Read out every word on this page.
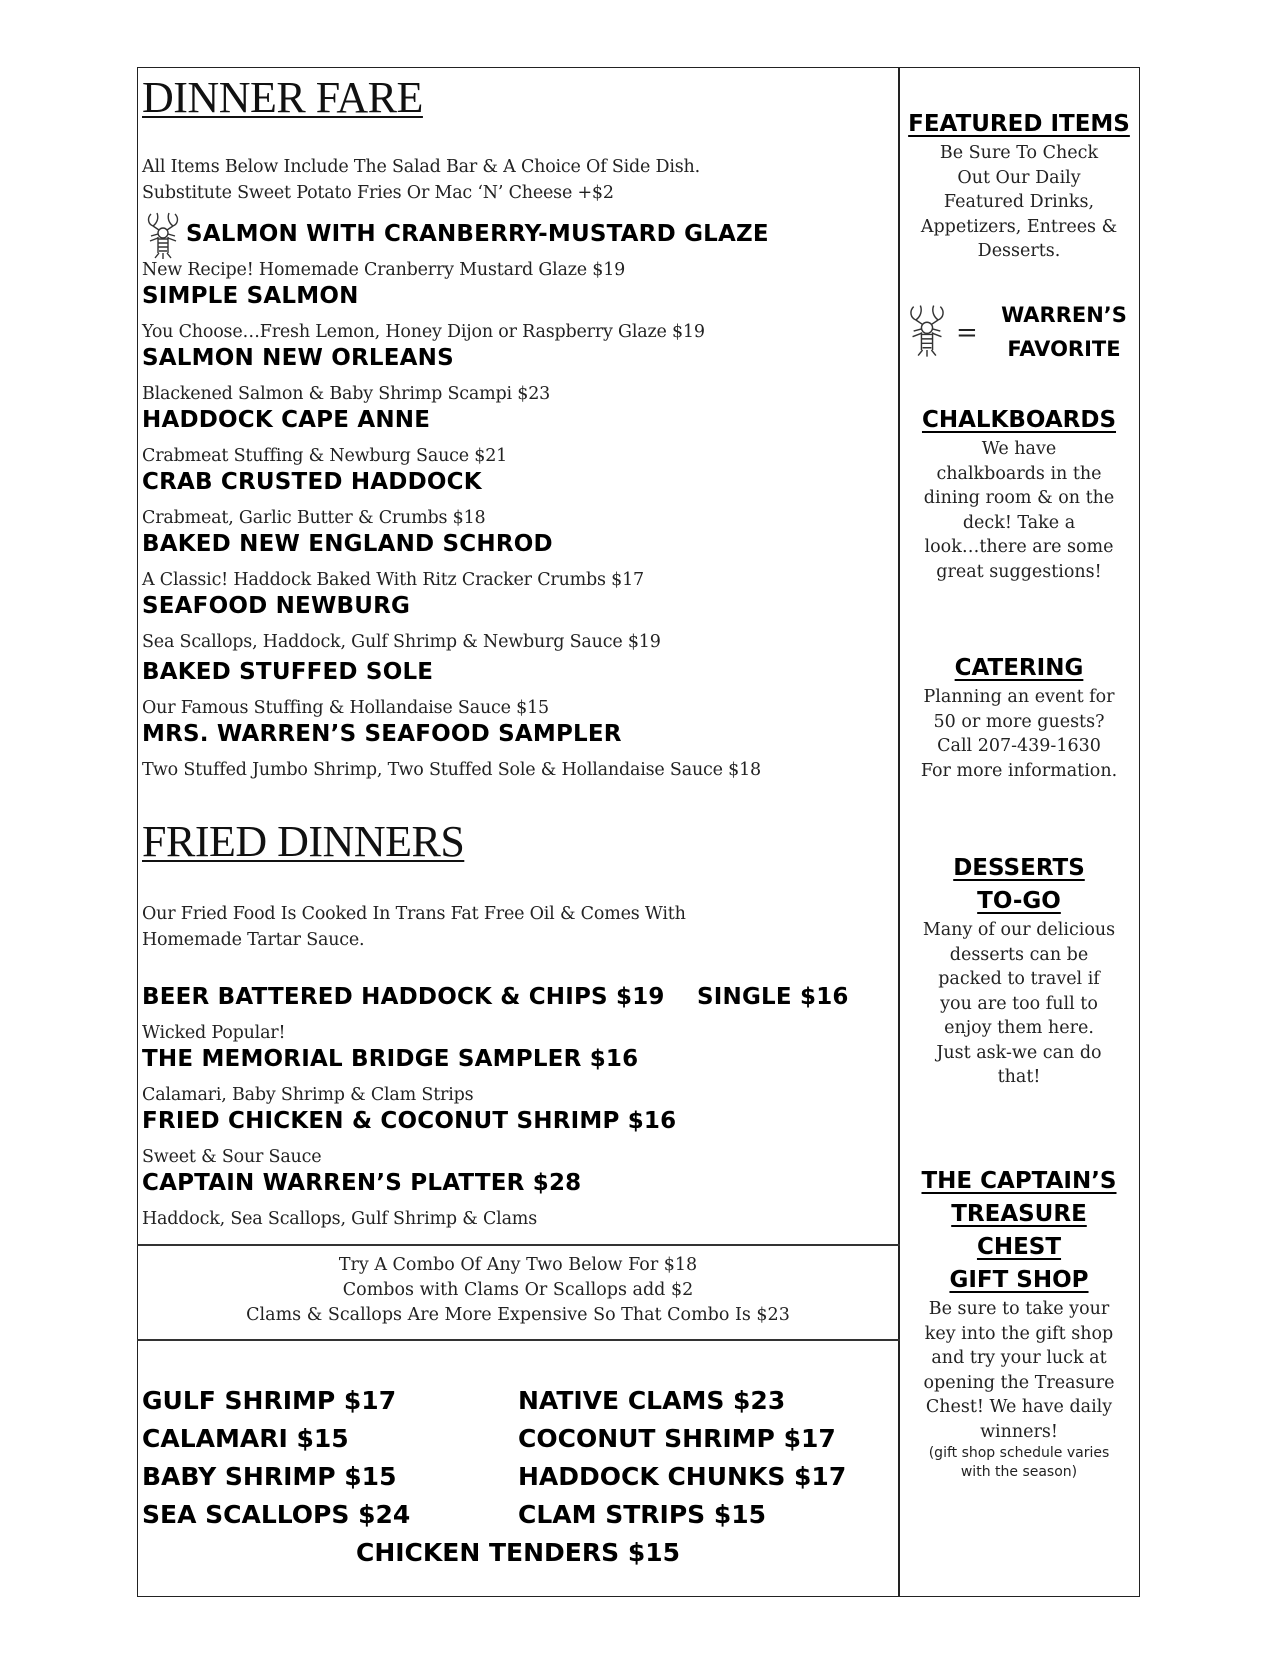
DINNER FARE
All Items Below Include The Salad Bar & A Choice Of Side Dish.
Substitute Sweet Potato Fries Or Mac ‘N’ Cheese +$2
SALMON WITH CRANBERRY-MUSTARD GLAZE
New Recipe! Homemade Cranberry Mustard Glaze $19
SIMPLE SALMON
You Choose…Fresh Lemon, Honey Dijon or Raspberry Glaze $19
SALMON NEW ORLEANS
Blackened Salmon & Baby Shrimp Scampi $23
HADDOCK CAPE ANNE
Crabmeat Stuffing & Newburg Sauce $21
CRAB CRUSTED HADDOCK
Crabmeat, Garlic Butter & Crumbs $18
BAKED NEW ENGLAND SCHROD
A Classic! Haddock Baked With Ritz Cracker Crumbs $17
SEAFOOD NEWBURG
Sea Scallops, Haddock, Gulf Shrimp & Newburg Sauce $19
BAKED STUFFED SOLE
Our Famous Stuffing & Hollandaise Sauce $15
MRS. WARREN’S SEAFOOD SAMPLER
Two Stuffed Jumbo Shrimp, Two Stuffed Sole & Hollandaise Sauce $18
FRIED DINNERS
Our Fried Food Is Cooked In Trans Fat Free Oil & Comes With
Homemade Tartar Sauce.
BEER BATTERED HADDOCK & CHIPS $19 SINGLE $16
Wicked Popular!
THE MEMORIAL BRIDGE SAMPLER $16
Calamari, Baby Shrimp & Clam Strips
FRIED CHICKEN & COCONUT SHRIMP $16
Sweet & Sour Sauce
CAPTAIN WARREN’S PLATTER $28
Haddock, Sea Scallops, Gulf Shrimp & Clams
Try A Combo Of Any Two Below For $18
Combos with Clams Or Scallops add $2
Clams & Scallops Are More Expensive So That Combo Is $23
GULF SHRIMP $17
CALAMARI $15
BABY SHRIMP $15
SEA SCALLOPS $24
NATIVE CLAMS $23
COCONUT SHRIMP $17
HADDOCK CHUNKS $17
CLAM STRIPS $15
CHICKEN TENDERS $15
FEATURED ITEMS
Be Sure To Check
Out Our Daily
Featured Drinks,
Appetizers, Entrees &
Desserts.
=
WARREN’S
FAVORITE
CHALKBOARDS
We have
chalkboards in the
dining room & on the
deck! Take a
look…there are some
great suggestions!
CATERING
Planning an event for
50 or more guests?
Call 207-439-1630
For more information.
DESSERTS
TO-GO
Many of our delicious
desserts can be
packed to travel if
you are too full to
enjoy them here.
Just ask-we can do
that!
THE CAPTAIN’S
TREASURE
CHEST
GIFT SHOP
Be sure to take your
key into the gift shop
and try your luck at
opening the Treasure
Chest! We have daily
winners!
(gift shop schedule varies
with the season)
